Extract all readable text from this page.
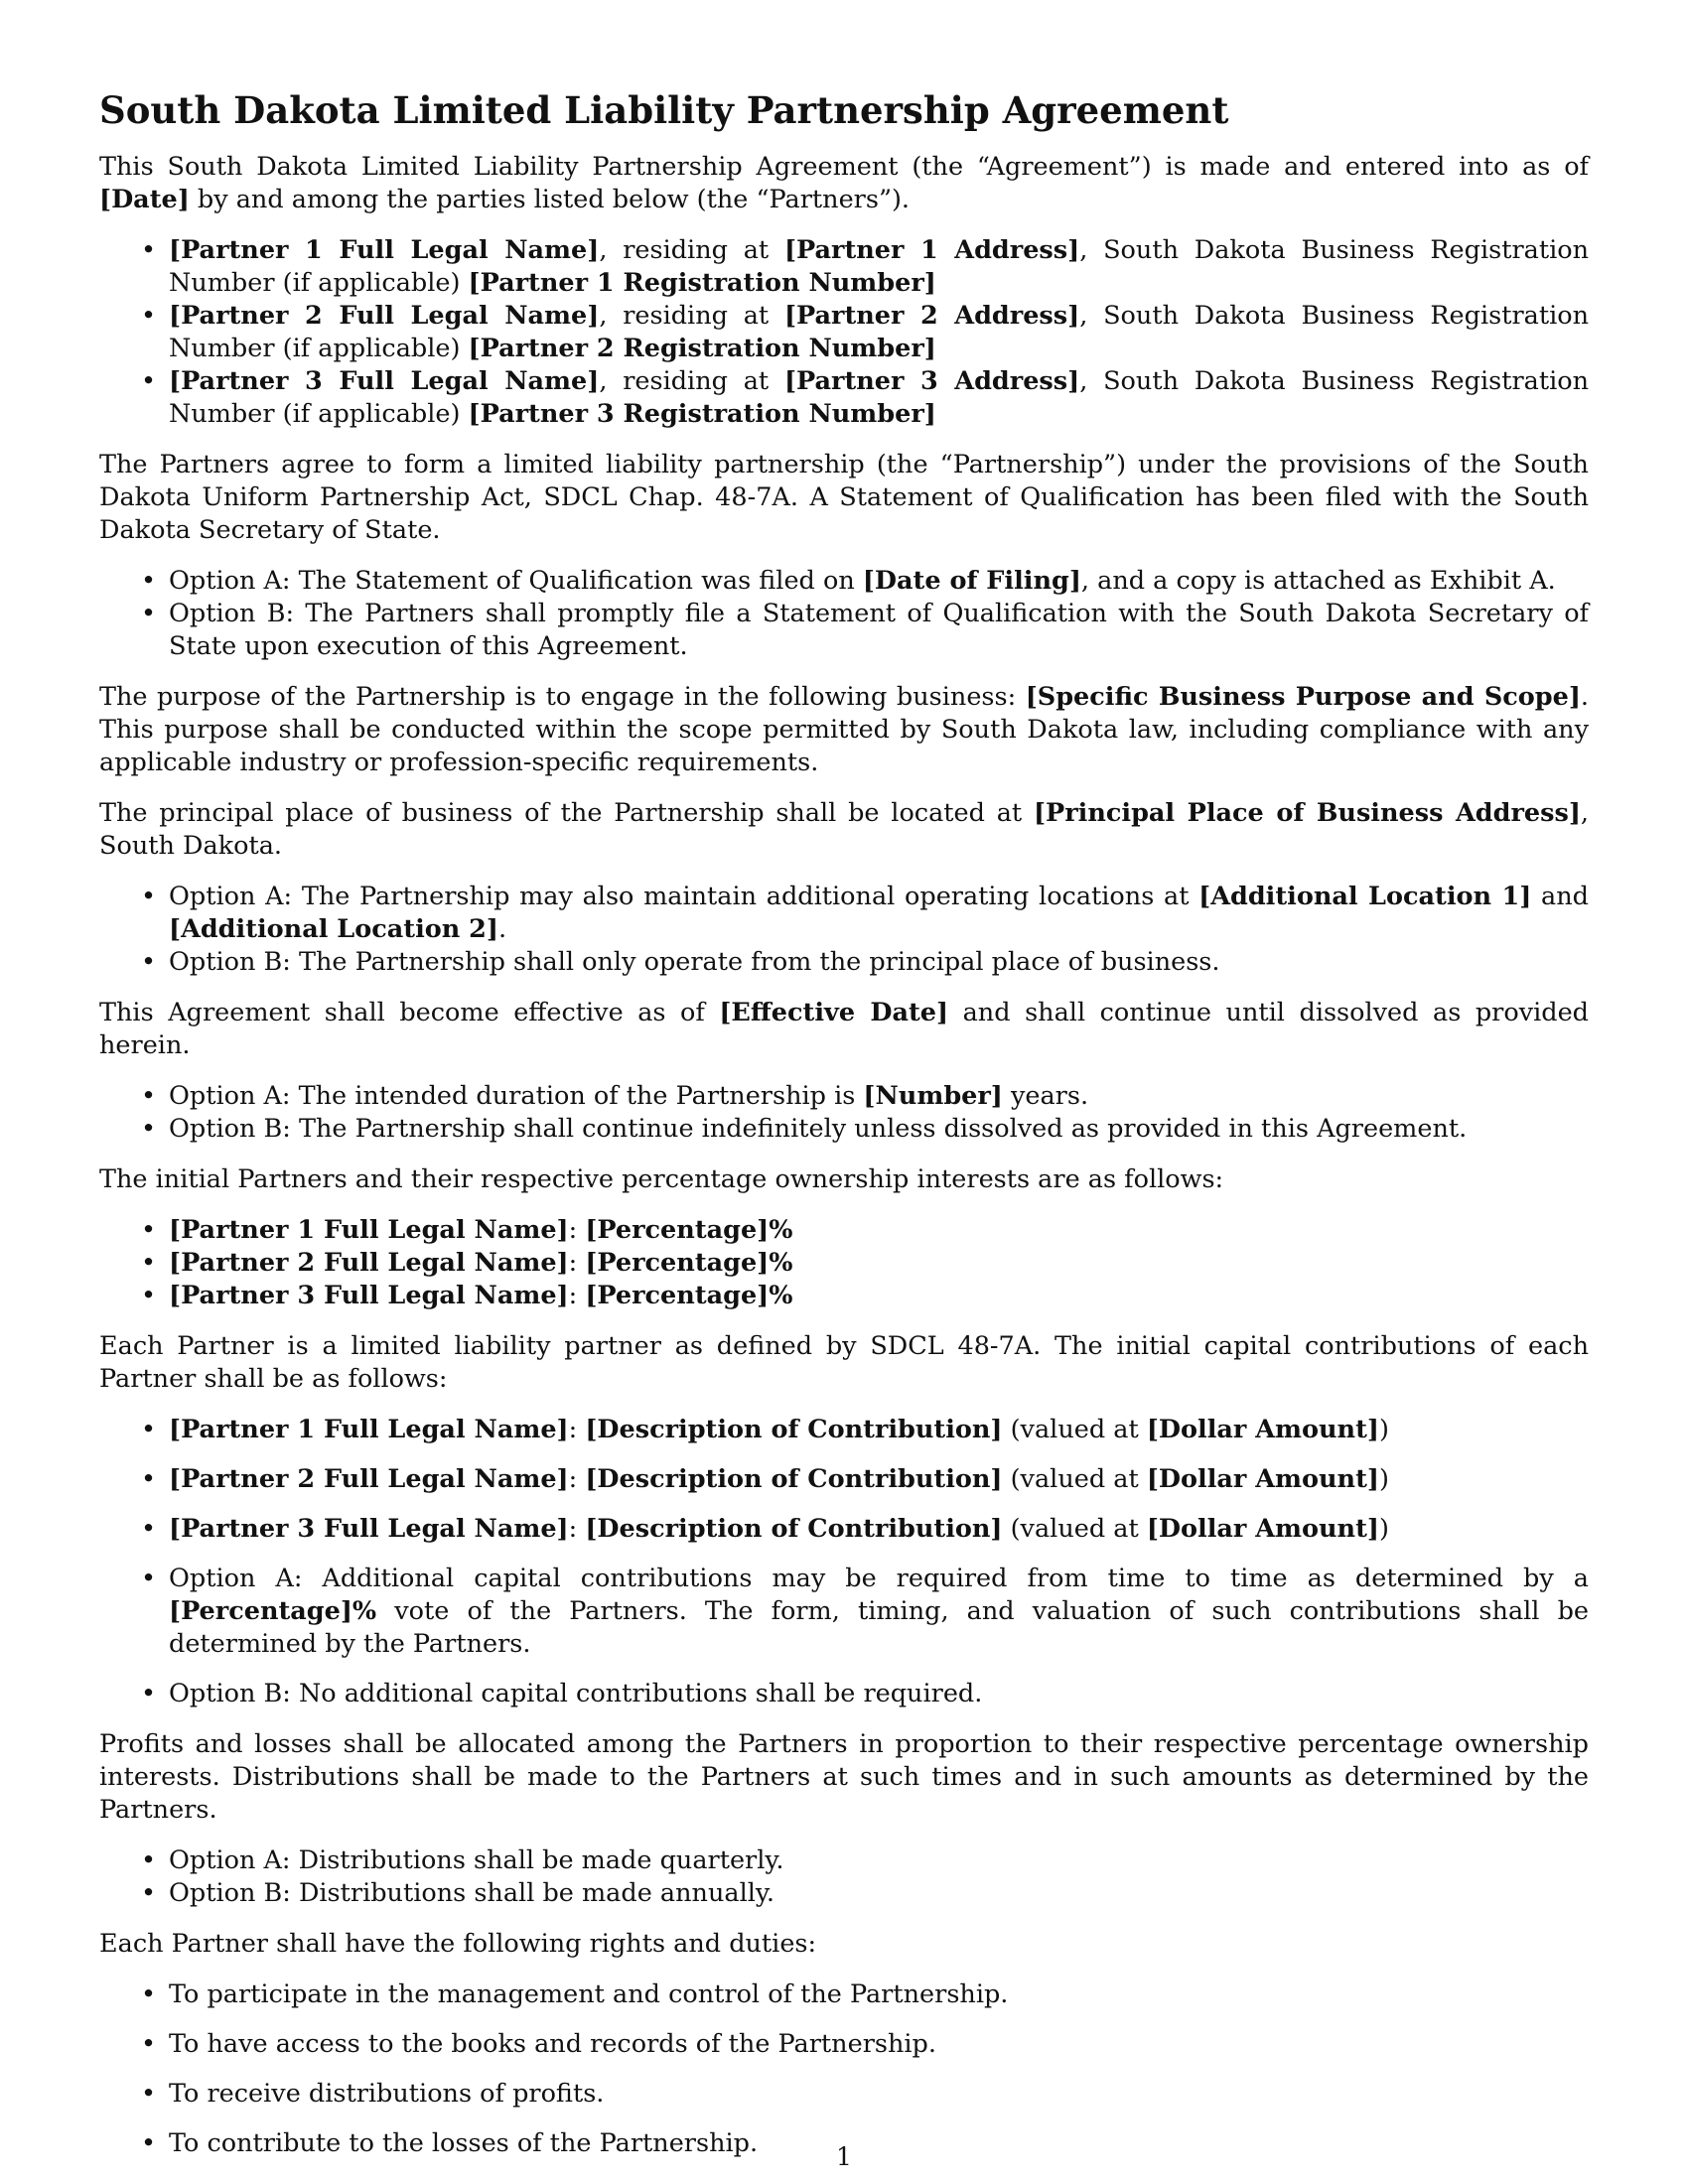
South Dakota Limited Liability Partnership Agreement

This South Dakota Limited Liability Partnership Agreement (the “Agreement”) is made and entered into as of [Date] by and among the parties listed below (the “Partners”).

• [Partner 1 Full Legal Name], residing at [Partner 1 Address], South Dakota Business Registration Number (if applicable) [Partner 1 Registration Number]
• [Partner 2 Full Legal Name], residing at [Partner 2 Address], South Dakota Business Registration Number (if applicable) [Partner 2 Registration Number]
• [Partner 3 Full Legal Name], residing at [Partner 3 Address], South Dakota Business Registration Number (if applicable) [Partner 3 Registration Number]

The Partners agree to form a limited liability partnership (the “Partnership”) under the provisions of the South Dakota Uniform Partnership Act, SDCL Chap. 48-7A. A Statement of Qualification has been filed with the South Dakota Secretary of State.

• Option A: The Statement of Qualification was filed on [Date of Filing], and a copy is attached as Exhibit A.
• Option B: The Partners shall promptly file a Statement of Qualification with the South Dakota Secretary of State upon execution of this Agreement.

The purpose of the Partnership is to engage in the following business: [Specific Business Purpose and Scope]. This purpose shall be conducted within the scope permitted by South Dakota law, including compliance with any applicable industry or profession-specific requirements.

The principal place of business of the Partnership shall be located at [Principal Place of Business Address], South Dakota.

• Option A: The Partnership may also maintain additional operating locations at [Additional Location 1] and [Additional Location 2].
• Option B: The Partnership shall only operate from the principal place of business.

This Agreement shall become effective as of [Effective Date] and shall continue until dissolved as provided herein.

• Option A: The intended duration of the Partnership is [Number] years.
• Option B: The Partnership shall continue indefinitely unless dissolved as provided in this Agreement.

The initial Partners and their respective percentage ownership interests are as follows:

• [Partner 1 Full Legal Name]: [Percentage]%
• [Partner 2 Full Legal Name]: [Percentage]%
• [Partner 3 Full Legal Name]: [Percentage]%

Each Partner is a limited liability partner as defined by SDCL 48-7A. The initial capital contributions of each Partner shall be as follows:

• [Partner 1 Full Legal Name]: [Description of Contribution] (valued at [Dollar Amount])
• [Partner 2 Full Legal Name]: [Description of Contribution] (valued at [Dollar Amount])
• [Partner 3 Full Legal Name]: [Description of Contribution] (valued at [Dollar Amount])
• Option A: Additional capital contributions may be required from time to time as determined by a [Percentage]% vote of the Partners. The form, timing, and valuation of such contributions shall be determined by the Partners.
• Option B: No additional capital contributions shall be required.

Profits and losses shall be allocated among the Partners in proportion to their respective percentage ownership interests. Distributions shall be made to the Partners at such times and in such amounts as determined by the Partners.

• Option A: Distributions shall be made quarterly.
• Option B: Distributions shall be made annually.

Each Partner shall have the following rights and duties:

• To participate in the management and control of the Partnership.
• To have access to the books and records of the Partnership.
• To receive distributions of profits.
• To contribute to the losses of the Partnership.	1
